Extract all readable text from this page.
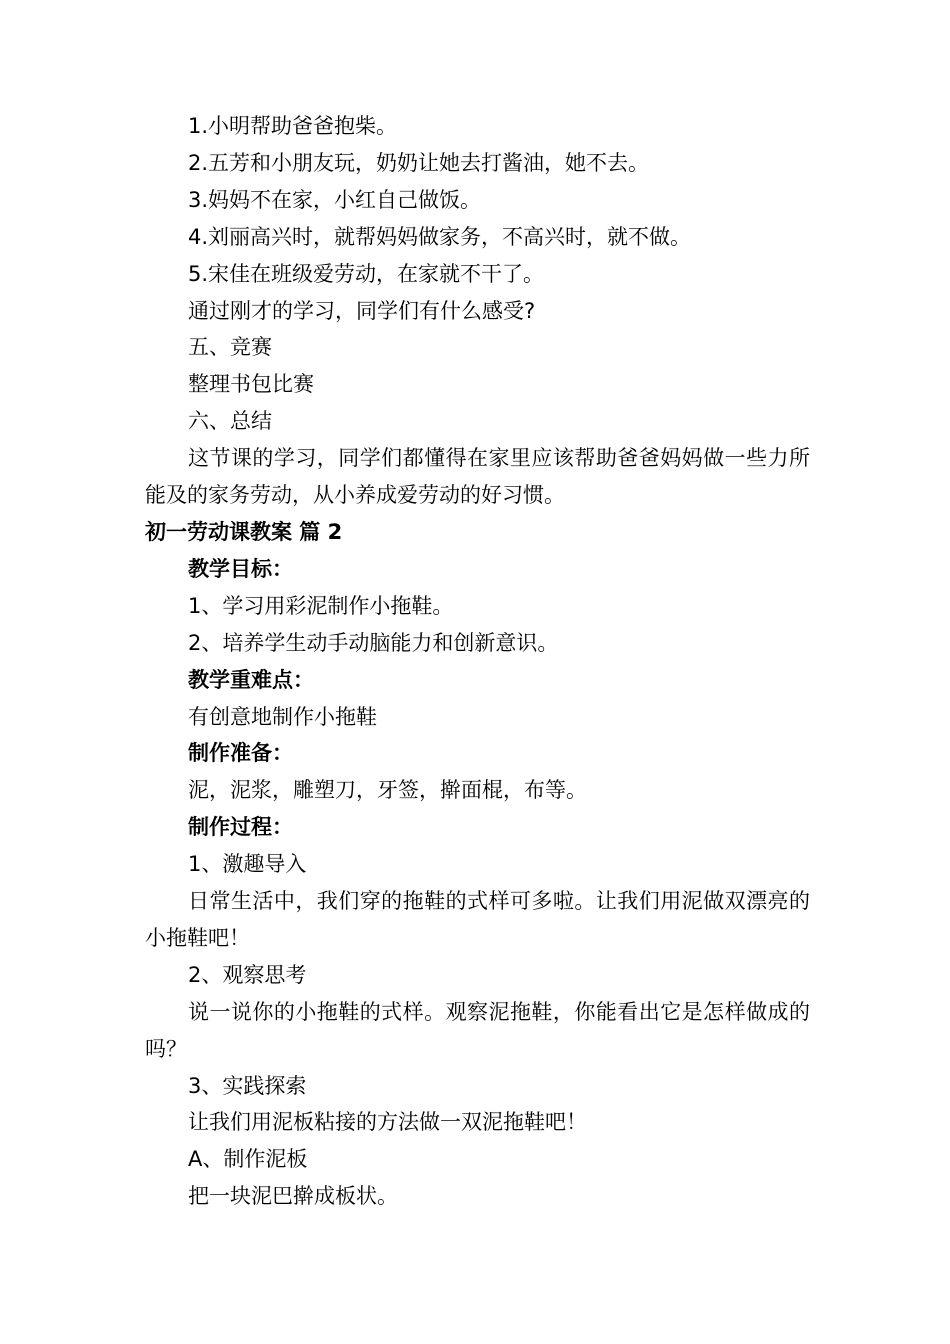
1.小明帮助爸爸抱柴。

2.五芳和小朋友玩，奶奶让她去打酱油，她不去。

3.妈妈不在家，小红自己做饭。

4.刘丽高兴时，就帮妈妈做家务，不高兴时，就不做。

5.宋佳在班级爱劳动，在家就不干了。

通过刚才的学习，同学们有什么感受?

五、竞赛

整理书包比赛

六、总结

这节课的学习，同学们都懂得在家里应该帮助爸爸妈妈做一些力所能及的家务劳动，从小养成爱劳动的好习惯。

初一劳动课教案 篇 2

教学目标：

1、学习用彩泥制作小拖鞋。

2、培养学生动手动脑能力和创新意识。

教学重难点：

有创意地制作小拖鞋

制作准备：

泥，泥浆，雕塑刀，牙签，擀面棍，布等。

制作过程：

1、激趣导入

日常生活中，我们穿的拖鞋的式样可多啦。让我们用泥做双漂亮的小拖鞋吧！

2、观察思考

说一说你的小拖鞋的式样。观察泥拖鞋，你能看出它是怎样做成的吗？

3、实践探索

让我们用泥板粘接的方法做一双泥拖鞋吧！

A、制作泥板

把一块泥巴擀成板状。
